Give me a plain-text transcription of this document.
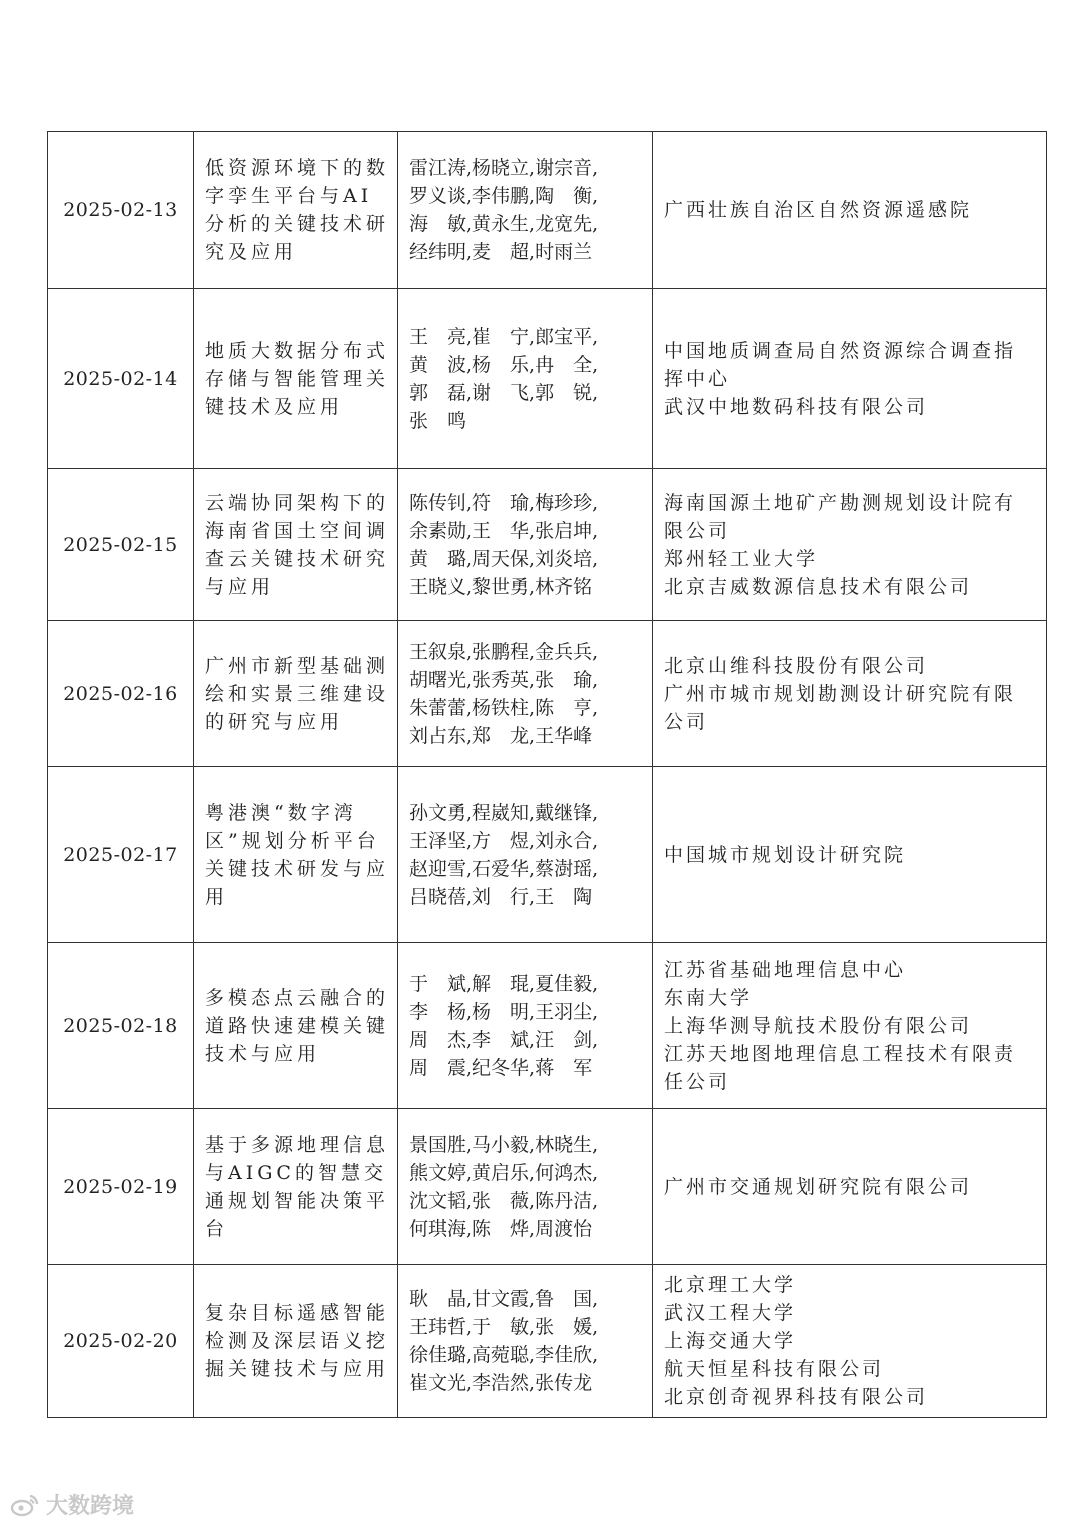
2025-02-13	低资源环境下的数字孪生平台与AI分析的关键技术研究及应用	雷江涛,杨晓立,谢宗音,
罗义谈,李伟鹏,陶　衡,
海　敏,黄永生,龙宽先,
经纬明,麦　超,时雨兰	广西壮族自治区自然资源遥感院

2025-02-14	地质大数据分布式存储与智能管理关键技术及应用	王　亮,崔　宁,郎宝平,
黄　波,杨　乐,冉　全,
郭　磊,谢　飞,郭　锐,
张　鸣	中国地质调查局自然资源综合调查指挥中心
武汉中地数码科技有限公司

2025-02-15	云端协同架构下的海南省国土空间调查云关键技术研究与应用	陈传钊,符　瑜,梅珍珍,
余素勋,王　华,张启坤,
黄　璐,周天保,刘炎培,
王晓义,黎世勇,林齐铭	海南国源土地矿产勘测规划设计院有限公司
郑州轻工业大学
北京吉威数源信息技术有限公司

2025-02-16	广州市新型基础测绘和实景三维建设的研究与应用	王叙泉,张鹏程,金兵兵,
胡曙光,张秀英,张　瑜,
朱蕾蕾,杨铁柱,陈　亨,
刘占东,郑　龙,王华峰	北京山维科技股份有限公司
广州市城市规划勘测设计研究院有限公司

2025-02-17	粤港澳“数字湾区”规划分析平台关键技术研发与应用	孙文勇,程崴知,戴继锋,
王泽坚,方　煜,刘永合,
赵迎雪,石爱华,蔡澍瑶,
吕晓蓓,刘　行,王　陶	中国城市规划设计研究院

2025-02-18	多模态点云融合的道路快速建模关键技术与应用	于　斌,解　琨,夏佳毅,
李　杨,杨　明,王羽尘,
周　杰,李　斌,汪　剑,
周　震,纪冬华,蒋　军	江苏省基础地理信息中心
东南大学
上海华测导航技术股份有限公司
江苏天地图地理信息工程技术有限责任公司

2025-02-19	基于多源地理信息与AIGC的智慧交通规划智能决策平台	景国胜,马小毅,林晓生,
熊文婷,黄启乐,何鸿杰,
沈文韬,张　薇,陈丹洁,
何琪海,陈　烨,周渡怡	广州市交通规划研究院有限公司

2025-02-20	复杂目标遥感智能检测及深层语义挖掘关键技术与应用	耿　晶,甘文霞,鲁　国,
王玮哲,于　敏,张　媛,
徐佳璐,高菀聪,李佳欣,
崔文光,李浩然,张传龙	北京理工大学
武汉工程大学
上海交通大学
航天恒星科技有限公司
北京创奇视界科技有限公司
大数跨境
